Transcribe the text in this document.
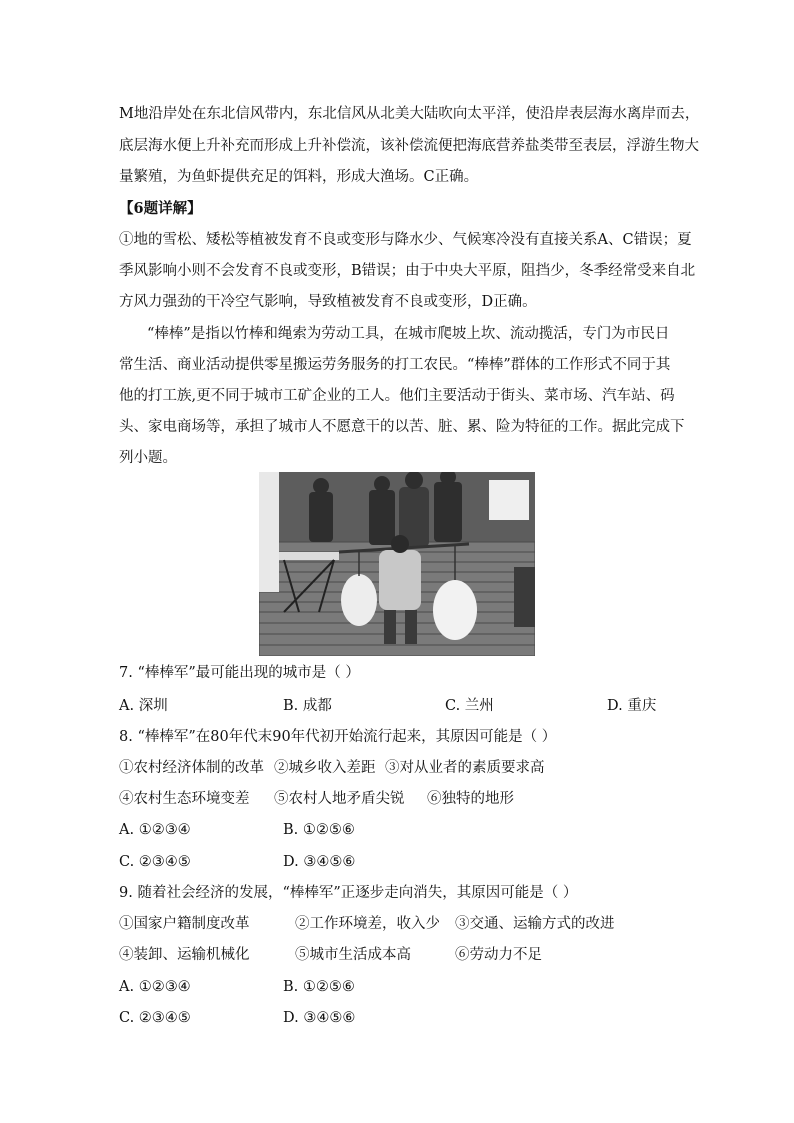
M地沿岸处在东北信风带内，东北信风从北美大陆吹向太平洋，使沿岸表层海水离岸而去，
底层海水便上升补充而形成上升补偿流，该补偿流便把海底营养盐类带至表层，浮游生物大
量繁殖，为鱼虾提供充足的饵料，形成大渔场。C正确。
【6题详解】
①地的雪松、矮松等植被发育不良或变形与降水少、气候寒冷没有直接关系A、C错误；夏
季风影响小则不会发育不良或变形，B错误；由于中央大平原，阻挡少，冬季经常受来自北
方风力强劲的干冷空气影响，导致植被发育不良或变形，D正确。
“棒棒”是指以竹棒和绳索为劳动工具，在城市爬坡上坎、流动揽活，专门为市民日
常生活、商业活动提供零星搬运劳务服务的打工农民。“棒棒”群体的工作形式不同于其
他的打工族,更不同于城市工矿企业的工人。他们主要活动于街头、菜市场、汽车站、码
头、家电商场等，承担了城市人不愿意干的以苦、脏、累、险为特征的工作。据此完成下
列小题。
7. “棒棒军”最可能出现的城市是（ ）
A. 深圳	B. 成都	C. 兰州	D. 重庆
8. “棒棒军”在80年代末90年代初开始流行起来，其原因可能是（ ）
①农村经济体制的改革 ②城乡收入差距 ③对从业者的素质要求高
④农村生态环境变差 ⑤农村人地矛盾尖锐 ⑥独特的地形
A. ①②③④	B. ①②⑤⑥
C. ②③④⑤	D. ③④⑤⑥
9. 随着社会经济的发展，“棒棒军”正逐步走向消失，其原因可能是（ ）
①国家户籍制度改革	②工作环境差，收入少 ③交通、运输方式的改进
④装卸、运输机械化	⑤城市生活成本高	⑥劳动力不足
A. ①②③④	B. ①②⑤⑥
C. ②③④⑤	D. ③④⑤⑥
